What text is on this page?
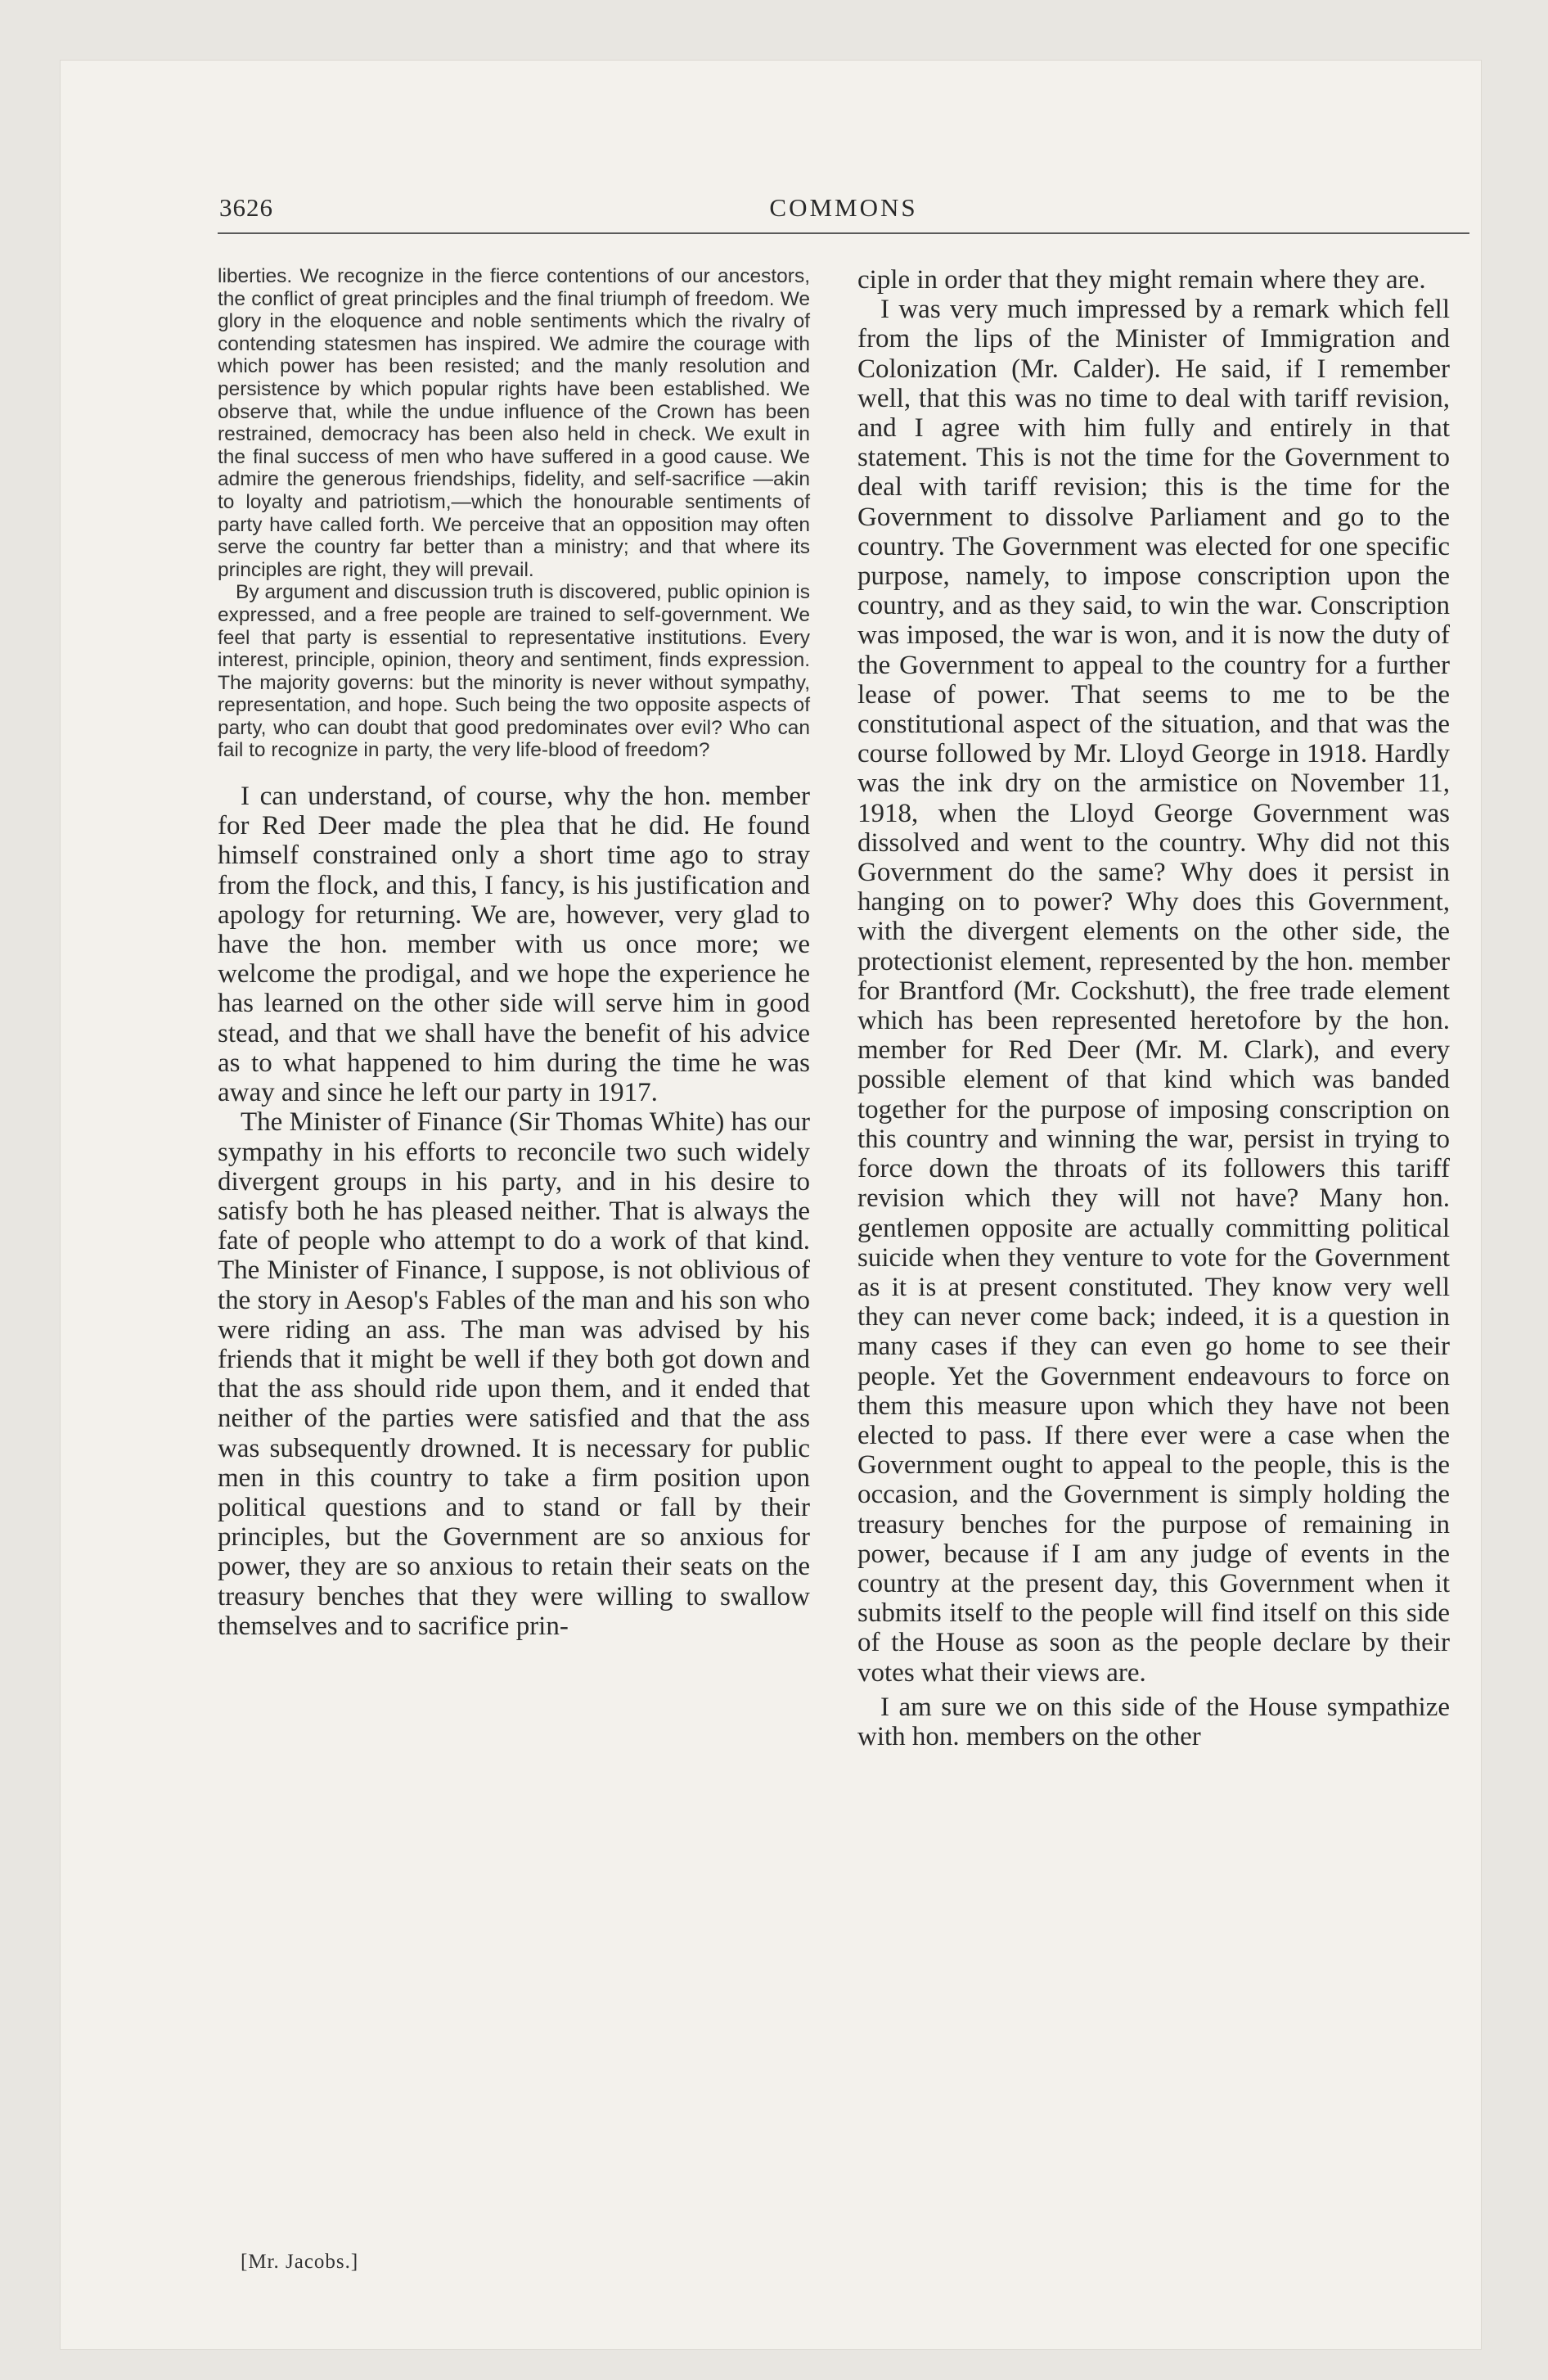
3626	COMMONS

liberties. We recognize in the fierce contentions of our ancestors, the conflict of great principles and the final triumph of freedom. We glory in the eloquence and noble sentiments which the rivalry of contending statesmen has inspired. We admire the courage with which power has been resisted; and the manly resolution and persistence by which popular rights have been established. We observe that, while the undue influence of the Crown has been restrained, democracy has been also held in check. We exult in the final success of men who have suffered in a good cause. We admire the generous friendships, fidelity, and self-sacrifice —akin to loyalty and patriotism,—which the honourable sentiments of party have called forth. We perceive that an opposition may often serve the country far better than a ministry; and that where its principles are right, they will prevail.

By argument and discussion truth is discovered, public opinion is expressed, and a free people are trained to self-government. We feel that party is essential to representative institutions. Every interest, principle, opinion, theory and sentiment, finds expression. The majority governs: but the minority is never without sympathy, representation, and hope. Such being the two opposite aspects of party, who can doubt that good predominates over evil? Who can fail to recognize in party, the very life-blood of freedom?

I can understand, of course, why the hon. member for Red Deer made the plea that he did. He found himself constrained only a short time ago to stray from the flock, and this, I fancy, is his justification and apology for returning. We are, however, very glad to have the hon. member with us once more; we welcome the prodigal, and we hope the experience he has learned on the other side will serve him in good stead, and that we shall have the benefit of his advice as to what happened to him during the time he was away and since he left our party in 1917.

The Minister of Finance (Sir Thomas White) has our sympathy in his efforts to reconcile two such widely divergent groups in his party, and in his desire to satisfy both he has pleased neither. That is always the fate of people who attempt to do a work of that kind. The Minister of Finance, I suppose, is not oblivious of the story in Aesop's Fables of the man and his son who were riding an ass. The man was advised by his friends that it might be well if they both got down and that the ass should ride upon them, and it ended that neither of the parties were satisfied and that the ass was subsequently drowned. It is necessary for public men in this country to take a firm position upon political questions and to stand or fall by their principles, but the Government are so anxious for power, they are so anxious to retain their seats on the treasury benches that they were willing to swallow themselves and to sacrifice prin-

ciple in order that they might remain where they are.

I was very much impressed by a remark which fell from the lips of the Minister of Immigration and Colonization (Mr. Calder). He said, if I remember well, that this was no time to deal with tariff revision, and I agree with him fully and entirely in that statement. This is not the time for the Government to deal with tariff revision; this is the time for the Government to dissolve Parliament and go to the country. The Government was elected for one specific purpose, namely, to impose conscription upon the country, and as they said, to win the war. Conscription was imposed, the war is won, and it is now the duty of the Government to appeal to the country for a further lease of power. That seems to me to be the constitutional aspect of the situation, and that was the course followed by Mr. Lloyd George in 1918. Hardly was the ink dry on the armistice on November 11, 1918, when the Lloyd George Government was dissolved and went to the country. Why did not this Government do the same? Why does it persist in hanging on to power? Why does this Government, with the divergent elements on the other side, the protectionist element, represented by the hon. member for Brantford (Mr. Cockshutt), the free trade element which has been represented heretofore by the hon. member for Red Deer (Mr. M. Clark), and every possible element of that kind which was banded together for the purpose of imposing conscription on this country and winning the war, persist in trying to force down the throats of its followers this tariff revision which they will not have? Many hon. gentlemen opposite are actually committing political suicide when they venture to vote for the Government as it is at present constituted. They know very well they can never come back; indeed, it is a question in many cases if they can even go home to see their people. Yet the Government endeavours to force on them this measure upon which they have not been elected to pass. If there ever were a case when the Government ought to appeal to the people, this is the occasion, and the Government is simply holding the treasury benches for the purpose of remaining in power, because if I am any judge of events in the country at the present day, this Government when it submits itself to the people will find itself on this side of the House as soon as the people declare by their votes what their views are.

I am sure we on this side of the House sympathize with hon. members on the other

[Mr. Jacobs.]
